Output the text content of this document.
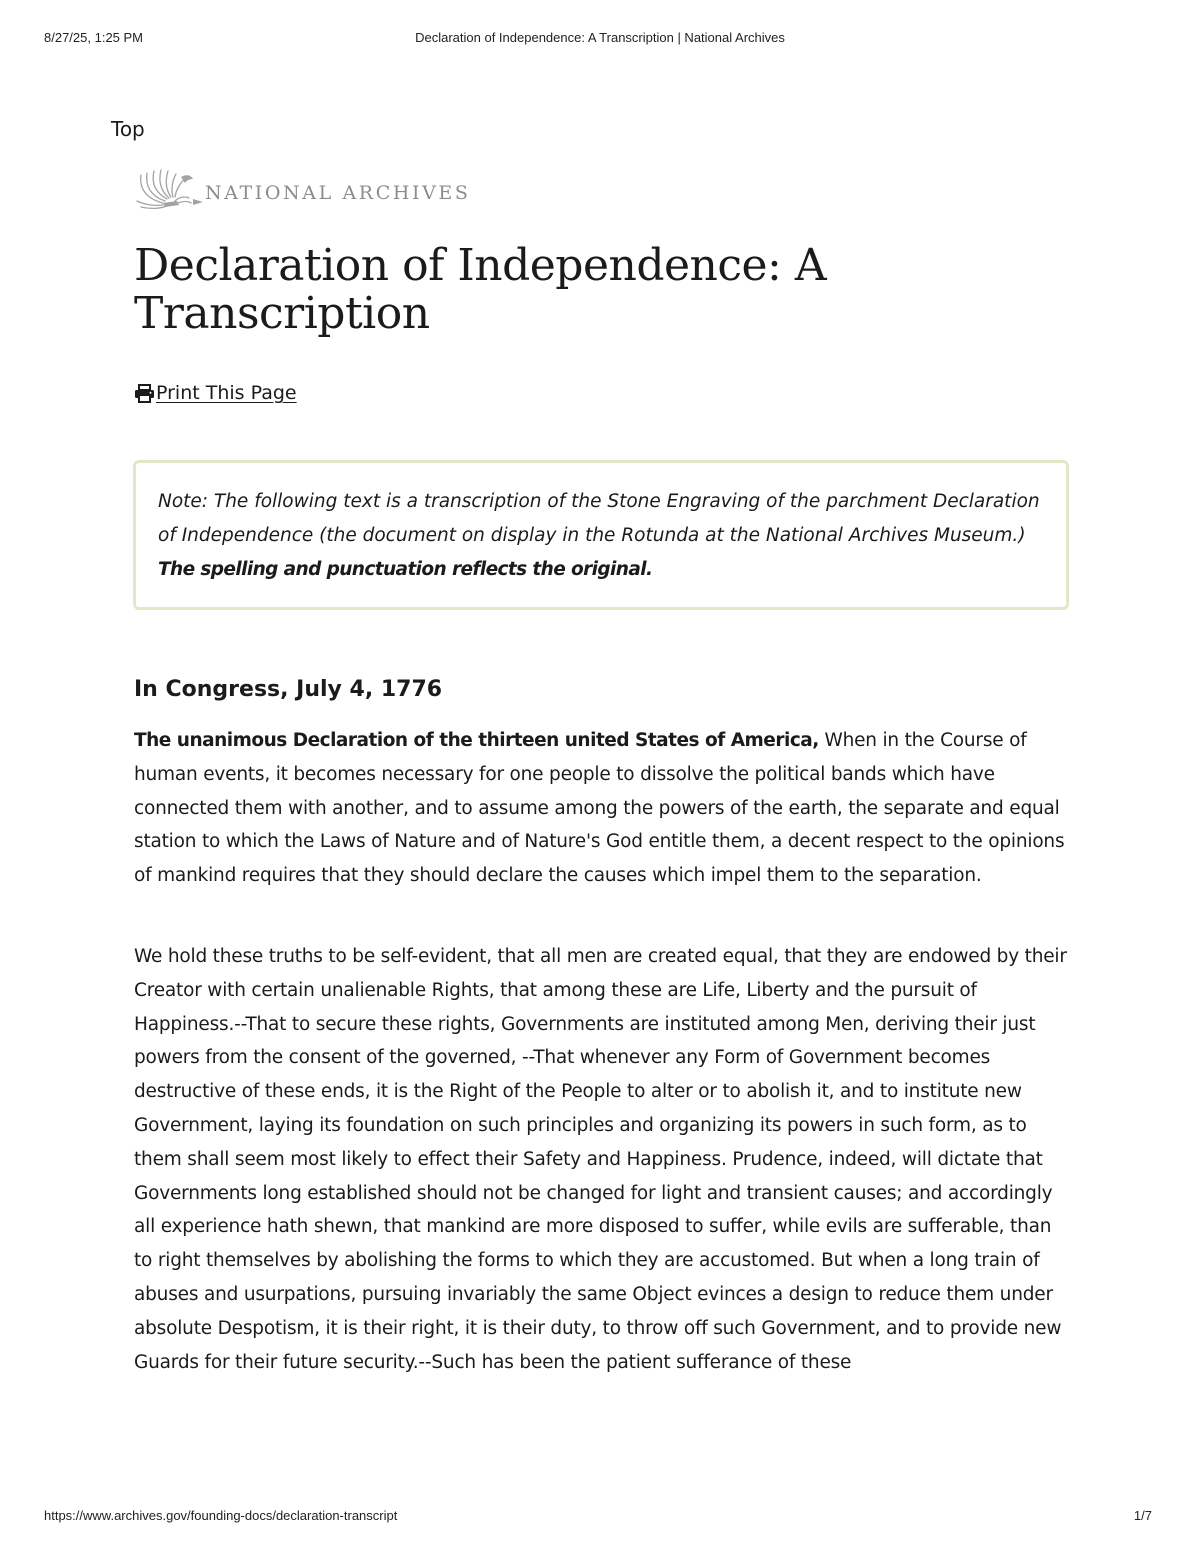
8/27/25, 1:25 PM	Declaration of Independence: A Transcription | National Archives
Top
NATIONAL ARCHIVES
Declaration of Independence: A Transcription
Print This Page
Note: The following text is a transcription of the Stone Engraving of the parchment Declaration of Independence (the document on display in the Rotunda at the National Archives Museum.) The spelling and punctuation reflects the original.
In Congress, July 4, 1776

The unanimous Declaration of the thirteen united States of America, When in the Course of human events, it becomes necessary for one people to dissolve the political bands which have connected them with another, and to assume among the powers of the earth, the separate and equal station to which the Laws of Nature and of Nature's God entitle them, a decent respect to the opinions of mankind requires that they should declare the causes which impel them to the separation.

We hold these truths to be self-evident, that all men are created equal, that they are endowed by their Creator with certain unalienable Rights, that among these are Life, Liberty and the pursuit of Happiness.--That to secure these rights, Governments are instituted among Men, deriving their just powers from the consent of the governed, --That whenever any Form of Government becomes destructive of these ends, it is the Right of the People to alter or to abolish it, and to institute new Government, laying its foundation on such principles and organizing its powers in such form, as to them shall seem most likely to effect their Safety and Happiness. Prudence, indeed, will dictate that Governments long established should not be changed for light and transient causes; and accordingly all experience hath shewn, that mankind are more disposed to suffer, while evils are sufferable, than to right themselves by abolishing the forms to which they are accustomed. But when a long train of abuses and usurpations, pursuing invariably the same Object evinces a design to reduce them under absolute Despotism, it is their right, it is their duty, to throw off such Government, and to provide new Guards for their future security.--Such has been the patient sufferance of these

https://www.archives.gov/founding-docs/declaration-transcript	1/7
